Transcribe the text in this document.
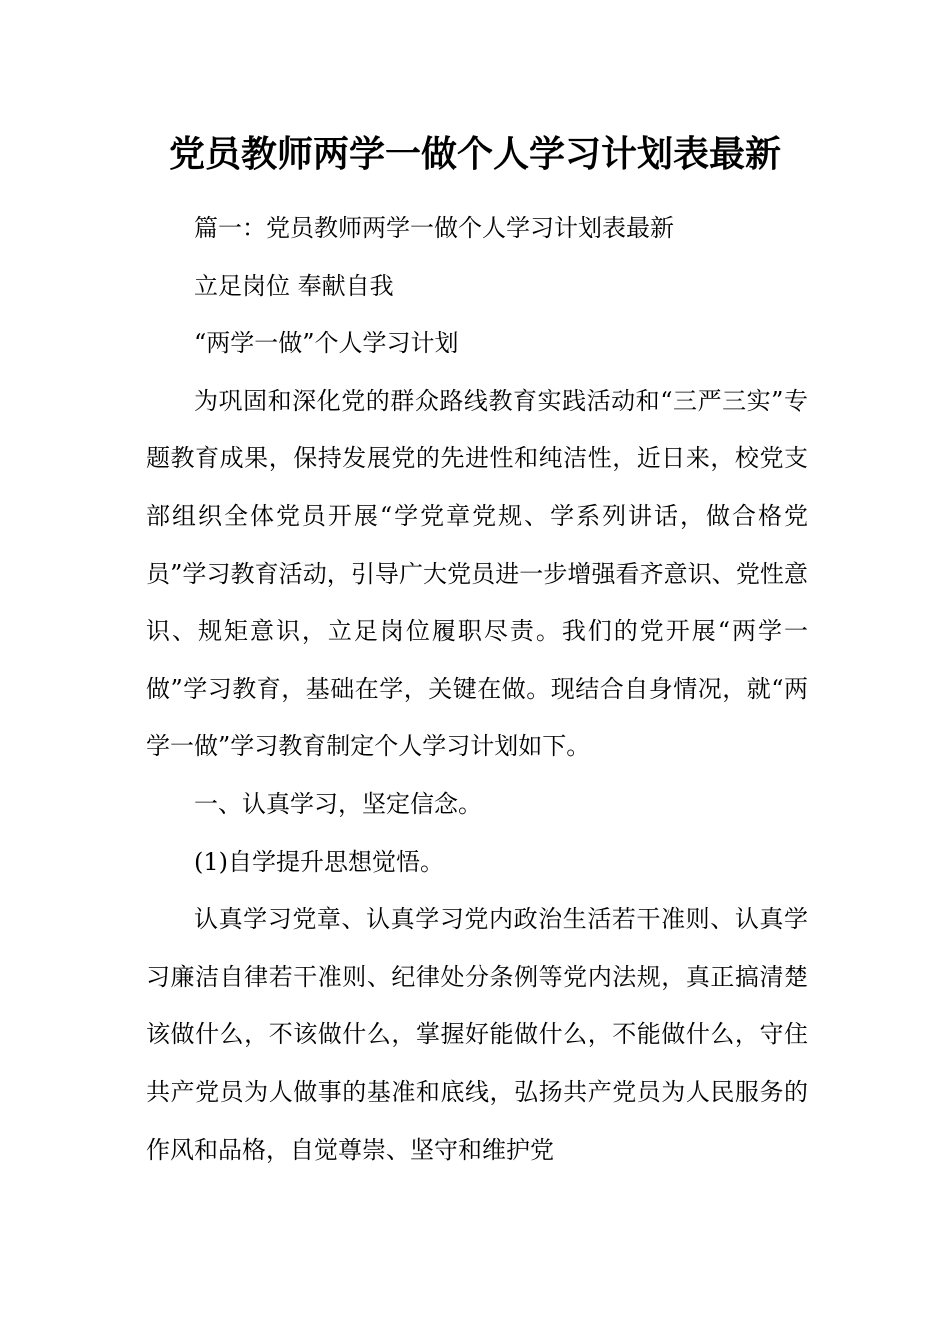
党员教师两学一做个人学习计划表最新

篇一：党员教师两学一做个人学习计划表最新

立足岗位 奉献自我

“两学一做”个人学习计划

为巩固和深化党的群众路线教育实践活动和“三严三实”专题教育成果，保持发展党的先进性和纯洁性，近日来，校党支部组织全体党员开展“学党章党规、学系列讲话，做合格党员”学习教育活动，引导广大党员进一步增强看齐意识、党性意识、规矩意识，立足岗位履职尽责。我们的党开展“两学一做”学习教育，基础在学，关键在做。现结合自身情况，就“两学一做”学习教育制定个人学习计划如下。

一、认真学习，坚定信念。

(1)自学提升思想觉悟。

认真学习党章、认真学习党内政治生活若干准则、认真学习廉洁自律若干准则、纪律处分条例等党内法规，真正搞清楚该做什么，不该做什么，掌握好能做什么，不能做什么，守住共产党员为人做事的基准和底线，弘扬共产党员为人民服务的作风和品格，自觉尊崇、坚守和维护党
